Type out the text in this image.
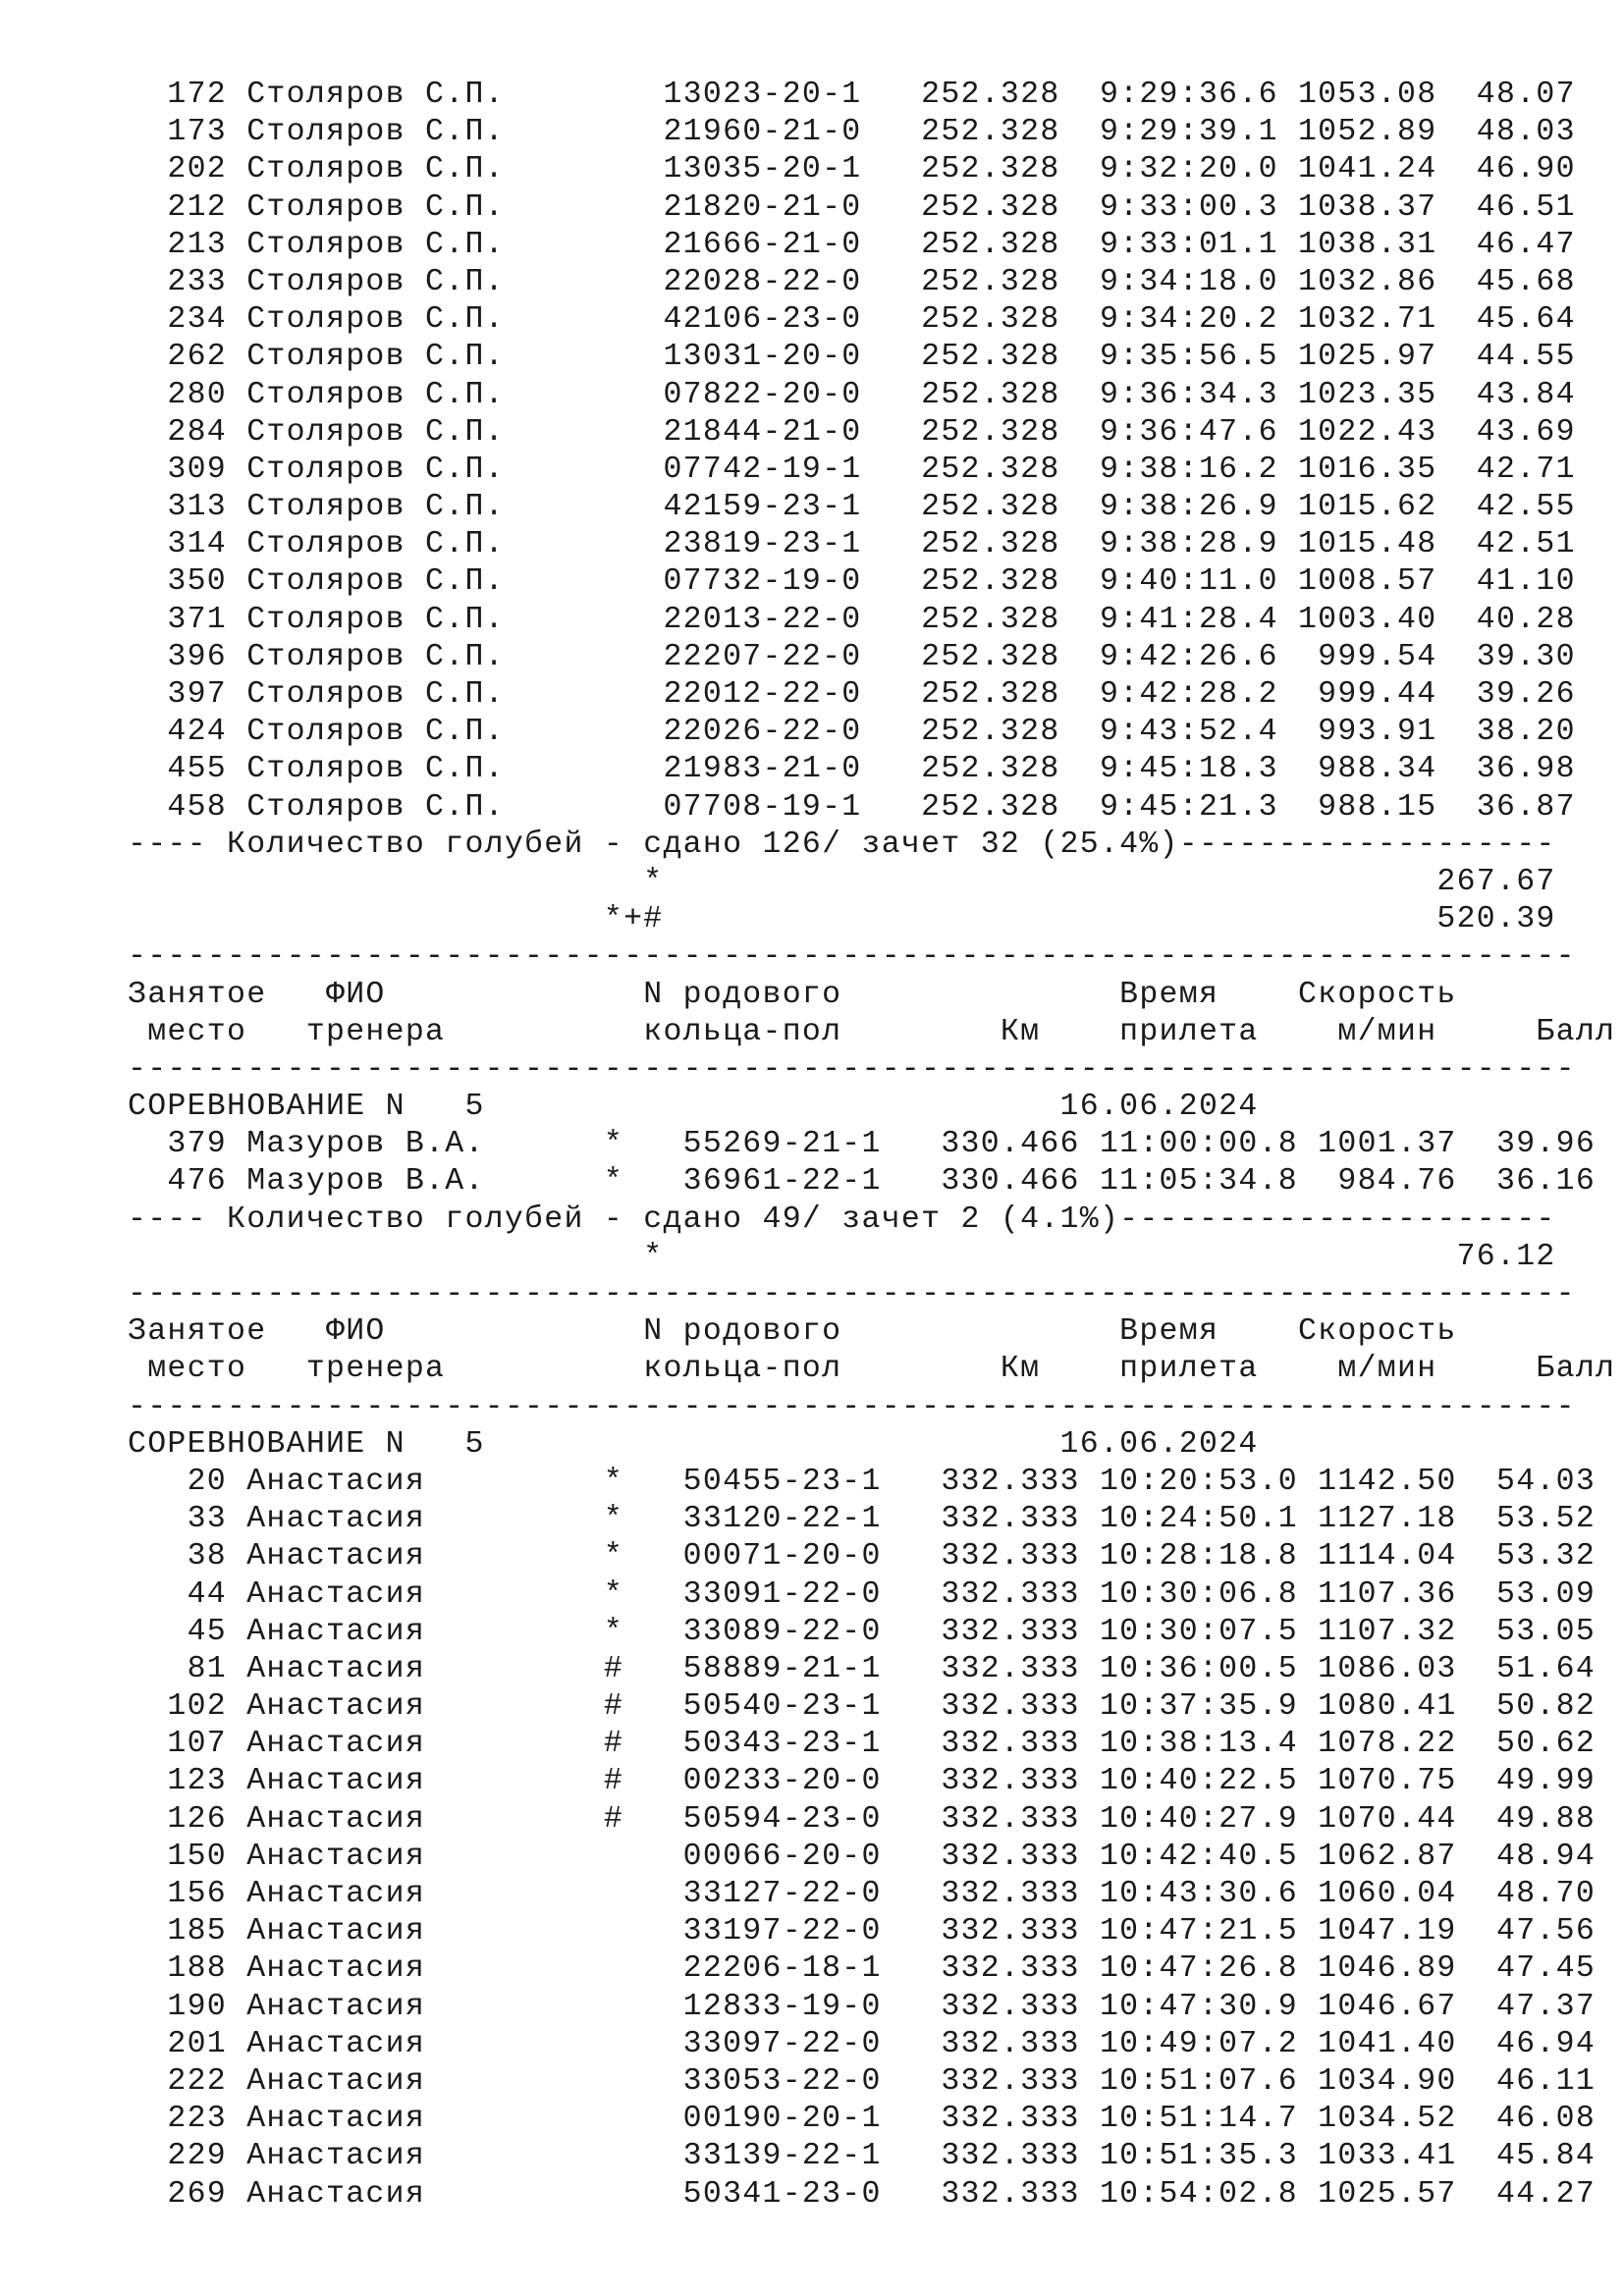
172 Столяров С.П.        13023-20-1   252.328  9:29:36.6 1053.08  48.07
173 Столяров С.П.        21960-21-0   252.328  9:29:39.1 1052.89  48.03
202 Столяров С.П.        13035-20-1   252.328  9:32:20.0 1041.24  46.90
212 Столяров С.П.        21820-21-0   252.328  9:33:00.3 1038.37  46.51
213 Столяров С.П.        21666-21-0   252.328  9:33:01.1 1038.31  46.47
233 Столяров С.П.        22028-22-0   252.328  9:34:18.0 1032.86  45.68
234 Столяров С.П.        42106-23-0   252.328  9:34:20.2 1032.71  45.64
262 Столяров С.П.        13031-20-0   252.328  9:35:56.5 1025.97  44.55
280 Столяров С.П.        07822-20-0   252.328  9:36:34.3 1023.35  43.84
284 Столяров С.П.        21844-21-0   252.328  9:36:47.6 1022.43  43.69
309 Столяров С.П.        07742-19-1   252.328  9:38:16.2 1016.35  42.71
313 Столяров С.П.        42159-23-1   252.328  9:38:26.9 1015.62  42.55
314 Столяров С.П.        23819-23-1   252.328  9:38:28.9 1015.48  42.51
350 Столяров С.П.        07732-19-0   252.328  9:40:11.0 1008.57  41.10
371 Столяров С.П.        22013-22-0   252.328  9:41:28.4 1003.40  40.28
396 Столяров С.П.        22207-22-0   252.328  9:42:26.6  999.54  39.30
397 Столяров С.П.        22012-22-0   252.328  9:42:28.2  999.44  39.26
424 Столяров С.П.        22026-22-0   252.328  9:43:52.4  993.91  38.20
455 Столяров С.П.        21983-21-0   252.328  9:45:18.3  988.34  36.98
458 Столяров С.П.        07708-19-1   252.328  9:45:21.3  988.15  36.87
---- Количество голубей - сдано 126/ зачет 32 (25.4%)-------------------
*                                       267.67
*+#                                       520.39
-------------------------------------------------------------------------
Занятое   ФИО             N родового              Время    Скорость
место   тренера          кольца-пол        Км    прилета    м/мин     Балл
-------------------------------------------------------------------------
СОРЕВНОВАНИЕ N   5                             16.06.2024
379 Мазуров В.А.      *   55269-21-1   330.466 11:00:00.8 1001.37  39.96
476 Мазуров В.А.      *   36961-22-1   330.466 11:05:34.8  984.76  36.16
---- Количество голубей - сдано 49/ зачет 2 (4.1%)----------------------
*                                        76.12
-------------------------------------------------------------------------
Занятое   ФИО             N родового              Время    Скорость
место   тренера          кольца-пол        Км    прилета    м/мин     Балл
-------------------------------------------------------------------------
СОРЕВНОВАНИЕ N   5                             16.06.2024
20 Анастасия         *   50455-23-1   332.333 10:20:53.0 1142.50  54.03
33 Анастасия         *   33120-22-1   332.333 10:24:50.1 1127.18  53.52
38 Анастасия         *   00071-20-0   332.333 10:28:18.8 1114.04  53.32
44 Анастасия         *   33091-22-0   332.333 10:30:06.8 1107.36  53.09
45 Анастасия         *   33089-22-0   332.333 10:30:07.5 1107.32  53.05
81 Анастасия         #   58889-21-1   332.333 10:36:00.5 1086.03  51.64
102 Анастасия         #   50540-23-1   332.333 10:37:35.9 1080.41  50.82
107 Анастасия         #   50343-23-1   332.333 10:38:13.4 1078.22  50.62
123 Анастасия         #   00233-20-0   332.333 10:40:22.5 1070.75  49.99
126 Анастасия         #   50594-23-0   332.333 10:40:27.9 1070.44  49.88
150 Анастасия             00066-20-0   332.333 10:42:40.5 1062.87  48.94
156 Анастасия             33127-22-0   332.333 10:43:30.6 1060.04  48.70
185 Анастасия             33197-22-0   332.333 10:47:21.5 1047.19  47.56
188 Анастасия             22206-18-1   332.333 10:47:26.8 1046.89  47.45
190 Анастасия             12833-19-0   332.333 10:47:30.9 1046.67  47.37
201 Анастасия             33097-22-0   332.333 10:49:07.2 1041.40  46.94
222 Анастасия             33053-22-0   332.333 10:51:07.6 1034.90  46.11
223 Анастасия             00190-20-1   332.333 10:51:14.7 1034.52  46.08
229 Анастасия             33139-22-1   332.333 10:51:35.3 1033.41  45.84
269 Анастасия             50341-23-0   332.333 10:54:02.8 1025.57  44.27
